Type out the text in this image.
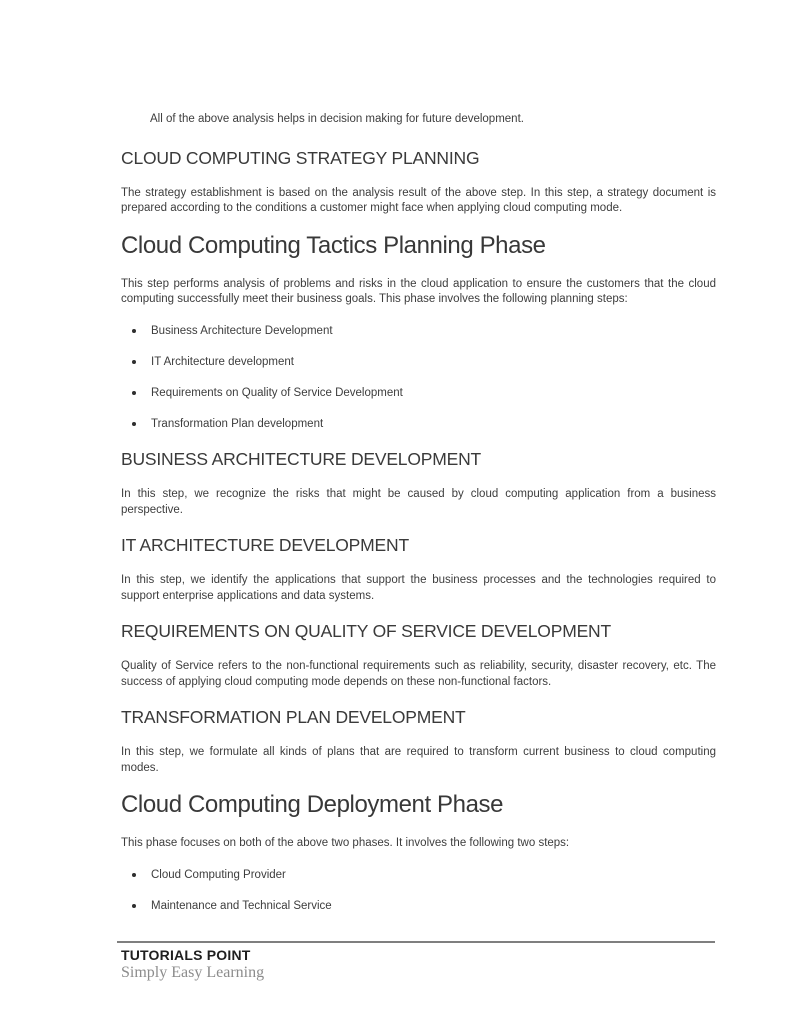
All of the above analysis helps in decision making for future development.

CLOUD COMPUTING STRATEGY PLANNING

The strategy establishment is based on the analysis result of the above step. In this step, a strategy document is prepared according to the conditions a customer might face when applying cloud computing mode.

Cloud Computing Tactics Planning Phase

This step performs analysis of problems and risks in the cloud application to ensure the customers that the cloud computing successfully meet their business goals. This phase involves the following planning steps:

Business Architecture Development
IT Architecture development
Requirements on Quality of Service Development
Transformation Plan development
BUSINESS ARCHITECTURE DEVELOPMENT

In this step, we recognize the risks that might be caused by cloud computing application from a business perspective.

IT ARCHITECTURE DEVELOPMENT

In this step, we identify the applications that support the business processes and the technologies required to support enterprise applications and data systems.

REQUIREMENTS ON QUALITY OF SERVICE DEVELOPMENT

Quality of Service refers to the non-functional requirements such as reliability, security, disaster recovery, etc. The success of applying cloud computing mode depends on these non-functional factors.

TRANSFORMATION PLAN DEVELOPMENT

In this step, we formulate all kinds of plans that are required to transform current business to cloud computing modes.

Cloud Computing Deployment Phase

This phase focuses on both of the above two phases. It involves the following two steps:

Cloud Computing Provider
Maintenance and Technical Service
TUTORIALS POINT
Simply Easy Learning
